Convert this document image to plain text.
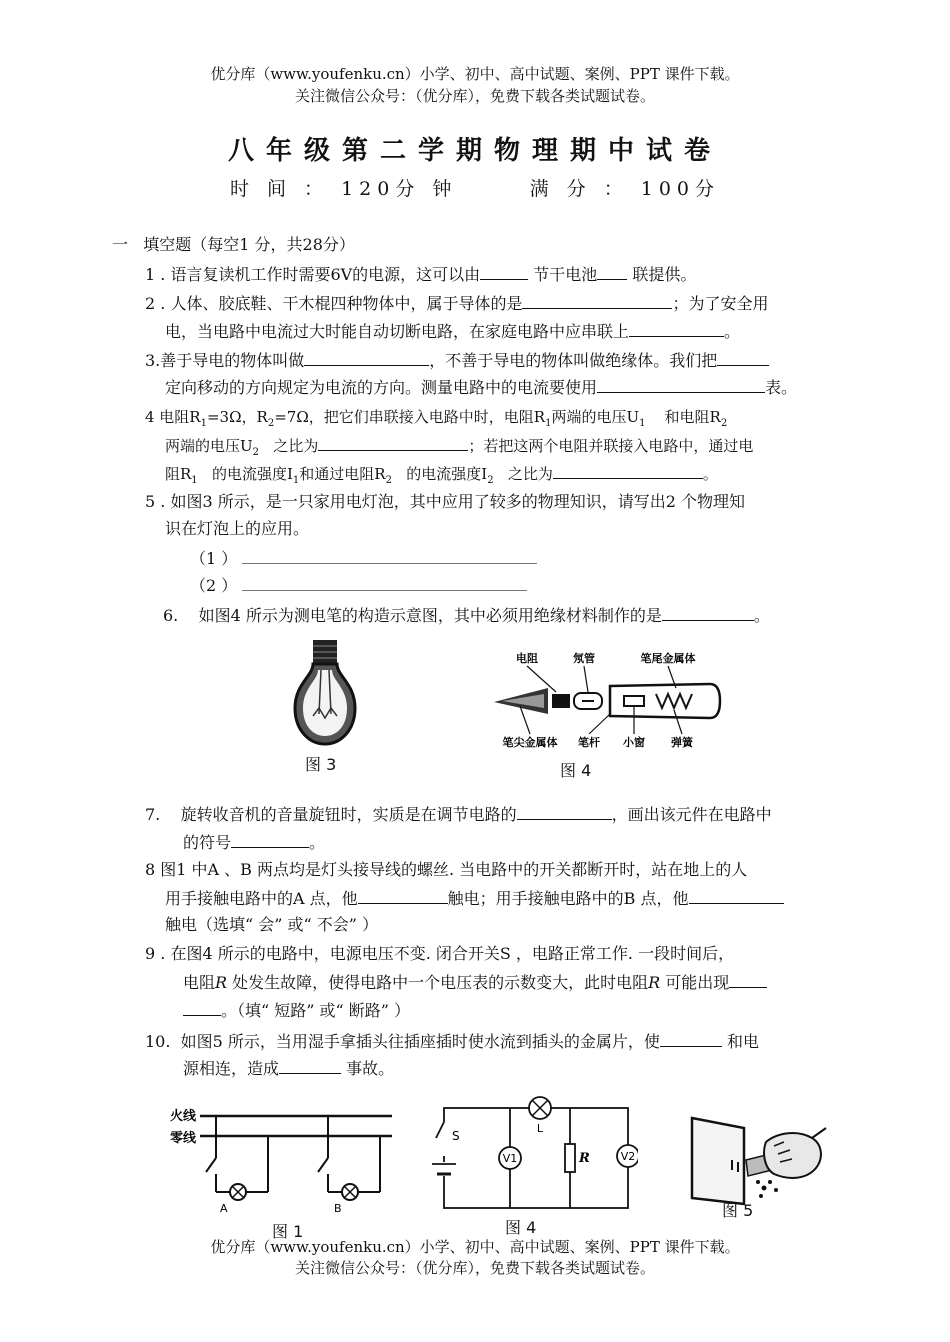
优分库（www.youfenku.cn）小学、初中、高中试题、案例、PPT 课件下载。
关注微信公众号：（优分库），免费下载各类试题试卷。
八年级第二学期物理期中试卷
时 间 ： 120分 钟	满 分 ： 100分
一   填空题（每空1 分，共28分）
1 . 语言复读机工作时需要6V的电源，这可以由	节干电池 联提供。
2 . 人体、胶底鞋、干木棍四种物体中，属于导体的是	；为了安全用
电，当电路中电流过大时能自动切断电路，在家庭电路中应串联上	。
3.善于导电的物体叫做	，不善于导电的物体叫做绝缘体。我们把
定向移动的方向规定为电流的方向。测量电路中的电流要使用	表。
4 电阻$R_1=3\Omega$，$R_2=7\Omega$，把它们串联接入电路中时，电阻$R_1$两端的电压$U_1$    和电阻$R_2$
两端的电压$U_2$   之比为	；若把这两个电阻并联接入电路中，通过电
阻$R_1$   的电流强度$I_1$和通过电阻$R_2$   的电流强度$I_2$   之比为	。
5 . 如图3 所示，是一只家用电灯泡，其中应用了较多的物理知识，请写出2 个物理知
识在灯泡上的应用。
（1 ）
（2 ）
6.    如图4 所示为测电笔的构造示意图，其中必须用绝缘材料制作的是	。
图 3
电阻	氖管	笔尾金属体
笔尖金属体 笔杆 小窗 弹簧
图 4
7.    旋转收音机的音量旋钮时，实质是在调节电路的	，画出该元件在电路中
的符号	。
8 图1 中A 、B 两点均是灯头接导线的螺丝. 当电路中的开关都断开时，站在地上的人
用手接触电路中的A 点，他	触电；用手接触电路中的B 点，他
触电（选填“ 会” 或“ 不会” ）
9 . 在图4 所示的电路中，电源电压不变. 闭合开关S ，电路正常工作. 一段时间后，
电阻R 处发生故障，使得电路中一个电压表的示数变大，此时电阻R 可能出现
。（填“ 短路” 或“ 断路” ）
10.  如图5 所示，当用湿手拿插头往插座插时使水流到插头的金属片，使	和电
源相连，造成	事故。
火线
零线
A	B
图 1
L
S
V1	R	V2
图 4
图 5
优分库（www.youfenku.cn）小学、初中、高中试题、案例、PPT 课件下载。
关注微信公众号：（优分库），免费下载各类试题试卷。
